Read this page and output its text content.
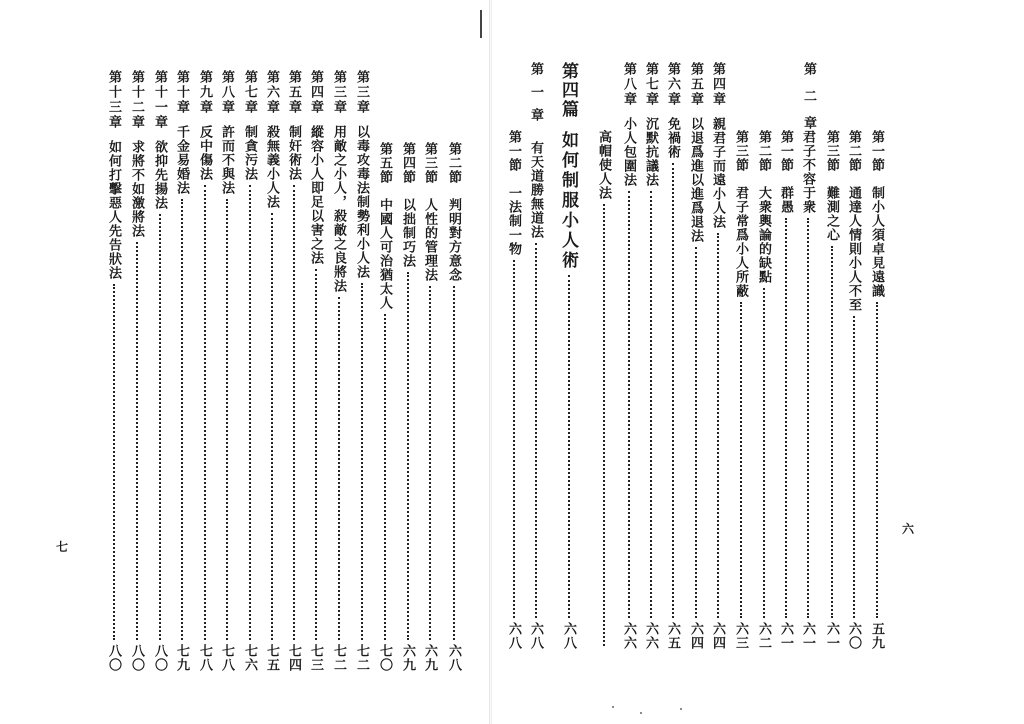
第二節　判明對方意念
六八
第三節　人性的管理法
六九
第四節　以拙制巧法
六九
第五節　中國人可治猶太人
七〇
第三章
以毒攻毒法制勢利小人法
七二
第三章
用敵之小人，殺敵之良將法
七二
第四章
縱容小人即足以害之法
七三
第五章
制奸術法
七四
第六章
殺無義小人法
七五
第七章
制貪污法
七六
第八章
許而不與法
七八
第九章
反中傷法
七八
第十章
千金易婚法
七九
第十一章
欲抑先揚法
八〇
第十二章
求將不如激將法
八〇
第十三章
如何打擊惡人先告狀法
八〇
七
第二章
第一節　制小人須卓見遠識
五九
第二節　通達人情則小人不至
六〇
第三節　難測之心
六一
君子不容于衆
六一
第一節　群愚
六一
第二節　大衆輿論的缺點
六二
第三節　君子常爲小人所蔽
六三
第四章
親君子而遠小人法
六四
第五章
以退爲進以進爲退法
六四
第六章
免禍術
六五
第七章
沉默抗議法
六六
第八章
小人包圍法
六六
高帽使人法
第四篇
如何制服小人術
六八
第一章
有天道勝無道法
六八
第一節　一法制一物
六八
六
